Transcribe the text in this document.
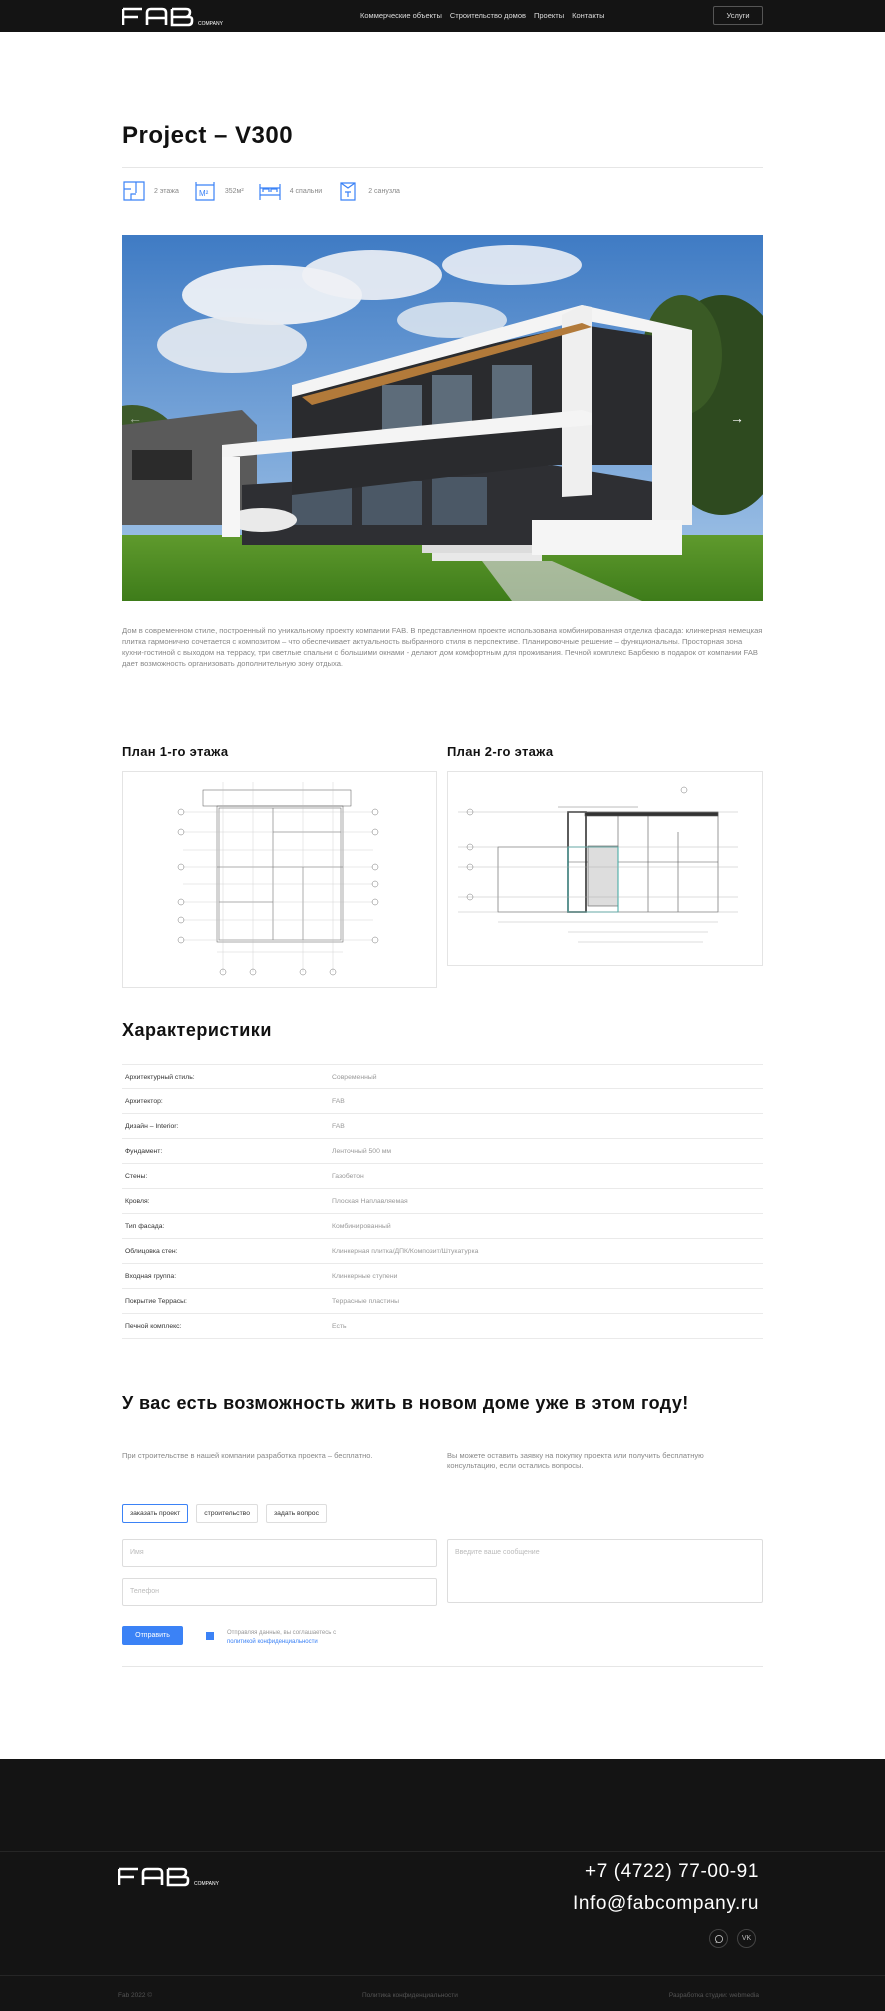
COMPANY
Коммерческие объекты Строительство домов Проекты Контакты	Услуги
Project – V300
2 этажа	M² 352м²	4 спальни	2 санузла
→
←

Дом в современном стиле, построенный по уникальному проекту компании FAB. В представленном проекте использована комбинированная отделка фасада: клинкерная немецкая плитка гармонично сочетается с композитом – что обеспечивает актуальность выбранного стиля в перспективе. Планировочные решение – функциональны. Просторная зона кухни-гостиной с выходом на террасу, три светлые спальни с большими окнами - делают дом комфортным для проживания. Печной комплекс Барбекю в подарок от компании FAB дает возможность организовать дополнительную зону отдыха.

План 1-го этажа	План 2-го этажа
Характеристики
Архитектурный стиль:	Современный
Архитектор:	FAB
Дизайн – Interior:	FAB
Фундамент:	Ленточный 500 мм
Стены:	Газобетон
Кровля:	Плоская Наплавляемая
Тип фасада:	Комбинированный
Облицовка стен:	Клинкерная плитка/ДПК/Композит/Штукатурка
Входная группа:	Клинкерные ступени
Покрытие Террасы:	Террасные пластины
Печной комплекс:	Есть
У вас есть возможность жить в новом доме уже в этом году!

При строительстве в нашей компании разработка проекта – бесплатно.	Вы можете оставить заявку на покупку проекта или получить бесплатную консультацию, если остались вопросы.

заказать проект	строительство	задать вопрос
Имя
Телефон
Введите ваше сообщение
Отправить	Отправляя данные, вы соглашаетесь с
политикой конфиденциальности
COMPANY
+7 (4722) 77-00-91
Info@fabcompany.ru
VK
Fab 2022 ©	Политика конфиденциальности	Разработка студии: webmedia
